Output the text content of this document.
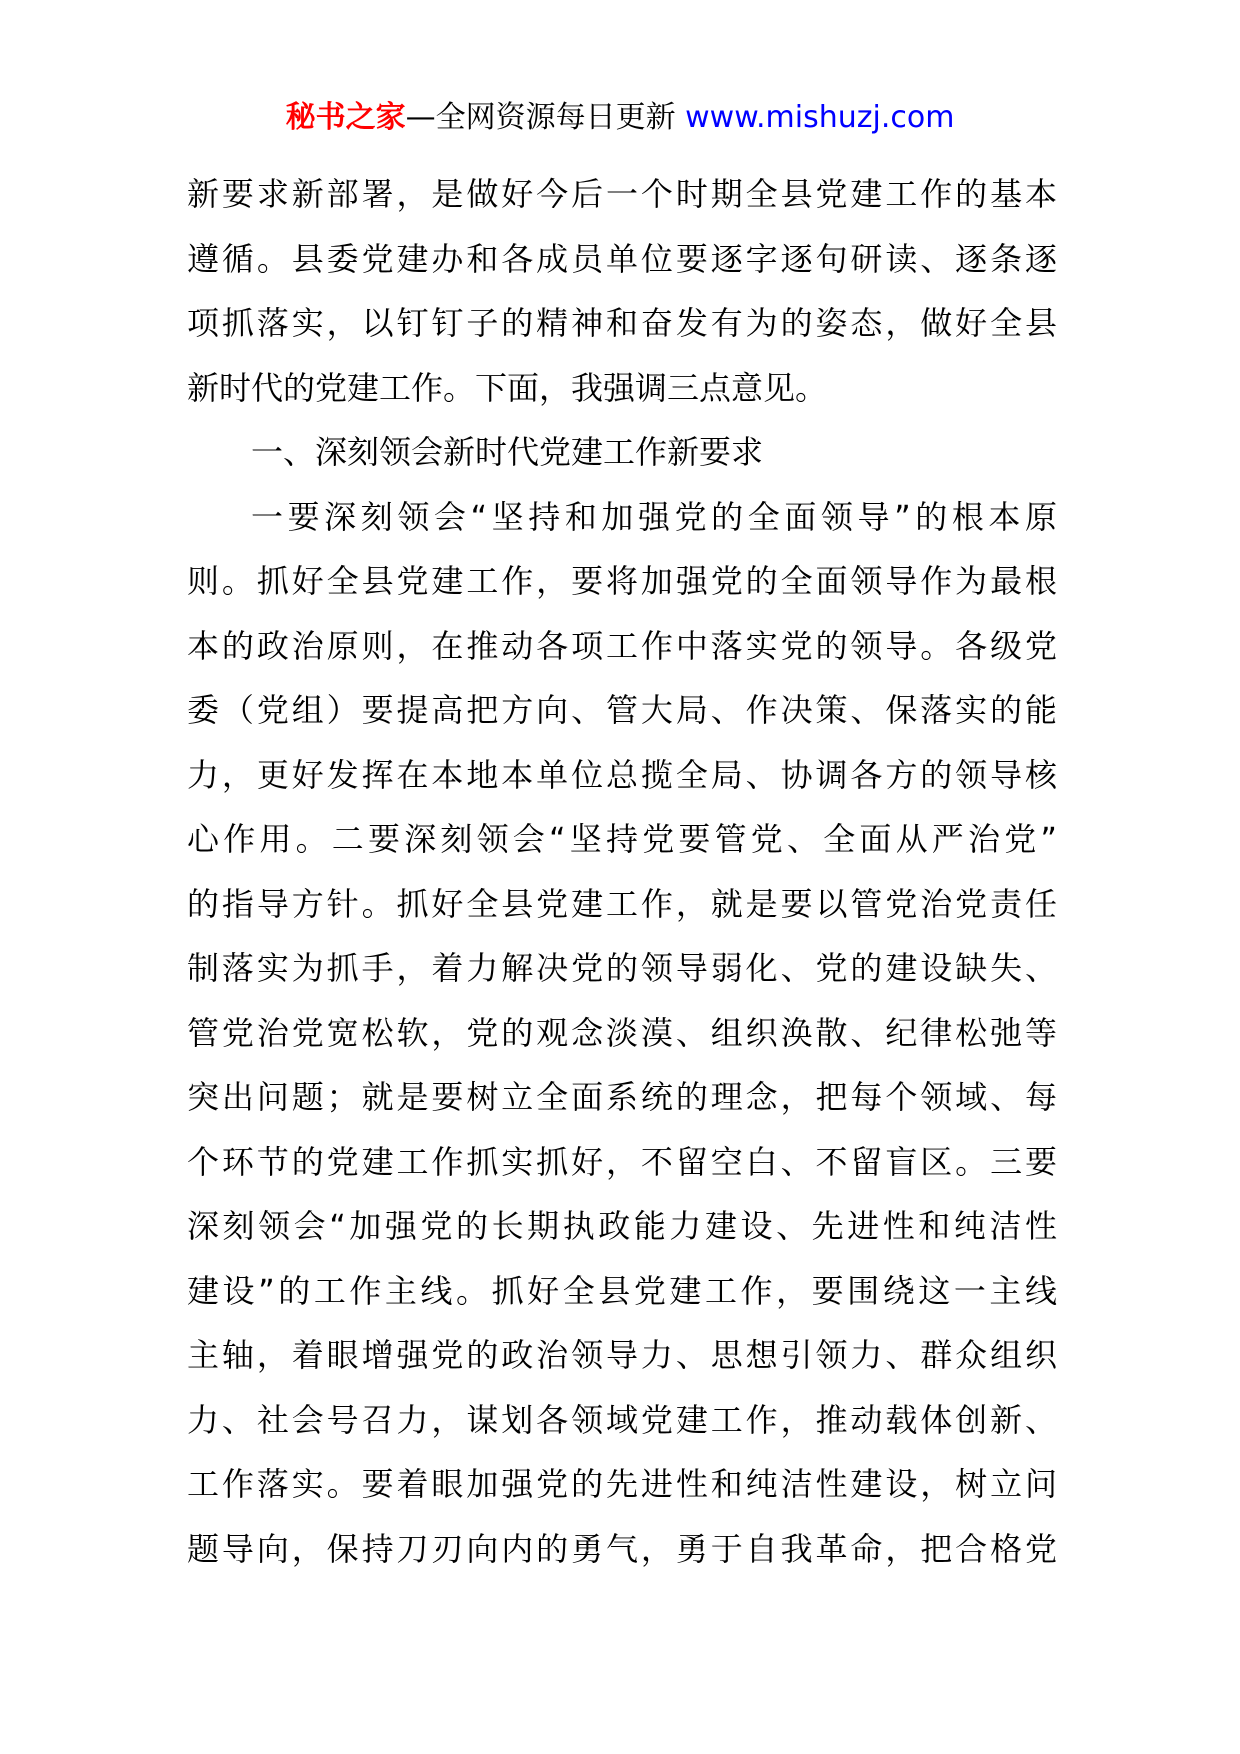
秘书之家—全网资源每日更新 www.mishuzj.com
新要求新部署，是做好今后一个时期全县党建工作的基本
遵循。县委党建办和各成员单位要逐字逐句研读、逐条逐
项抓落实，以钉钉子的精神和奋发有为的姿态，做好全县
新时代的党建工作。下面，我强调三点意见。
一、深刻领会新时代党建工作新要求
一要深刻领会“坚持和加强党的全面领导”的根本原
则。抓好全县党建工作，要将加强党的全面领导作为最根
本的政治原则，在推动各项工作中落实党的领导。各级党
委（党组）要提高把方向、管大局、作决策、保落实的能
力，更好发挥在本地本单位总揽全局、协调各方的领导核
心作用。二要深刻领会“坚持党要管党、全面从严治党”
的指导方针。抓好全县党建工作，就是要以管党治党责任
制落实为抓手，着力解决党的领导弱化、党的建设缺失、
管党治党宽松软，党的观念淡漠、组织涣散、纪律松弛等
突出问题；就是要树立全面系统的理念，把每个领域、每
个环节的党建工作抓实抓好，不留空白、不留盲区。三要
深刻领会“加强党的长期执政能力建设、先进性和纯洁性
建设”的工作主线。抓好全县党建工作，要围绕这一主线
主轴，着眼增强党的政治领导力、思想引领力、群众组织
力、社会号召力，谋划各领域党建工作，推动载体创新、
工作落实。要着眼加强党的先进性和纯洁性建设，树立问
题导向，保持刀刃向内的勇气，勇于自我革命，把合格党
